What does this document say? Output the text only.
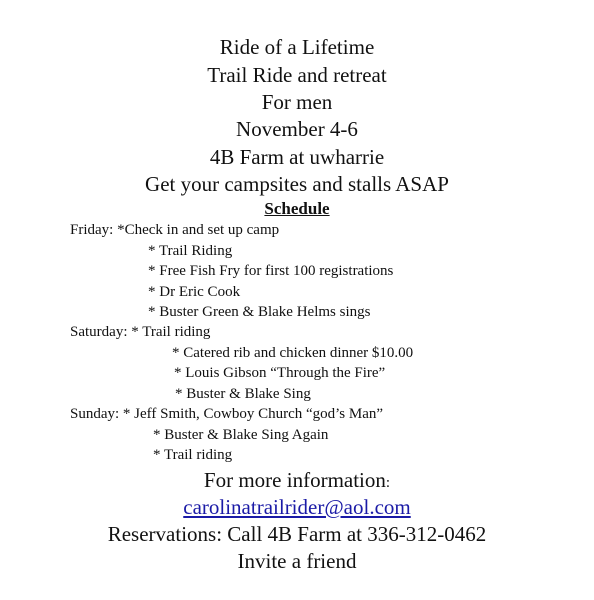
Ride of a Lifetime
Trail Ride and retreat
For men
November 4-6
4B Farm at uwharrie
Get your campsites and stalls ASAP
Schedule
Friday: *Check in and set up camp
* Trail Riding
* Free Fish Fry for first 100 registrations
* Dr Eric Cook
* Buster Green & Blake Helms sings
Saturday: * Trail riding
* Catered rib and chicken dinner $10.00
* Louis Gibson “Through the Fire”
* Buster & Blake Sing
Sunday: * Jeff Smith, Cowboy Church “god’s Man”
* Buster & Blake Sing Again
* Trail riding
For more information:
carolinatrailrider@aol.com
Reservations: Call 4B Farm at 336-312-0462
Invite a friend
